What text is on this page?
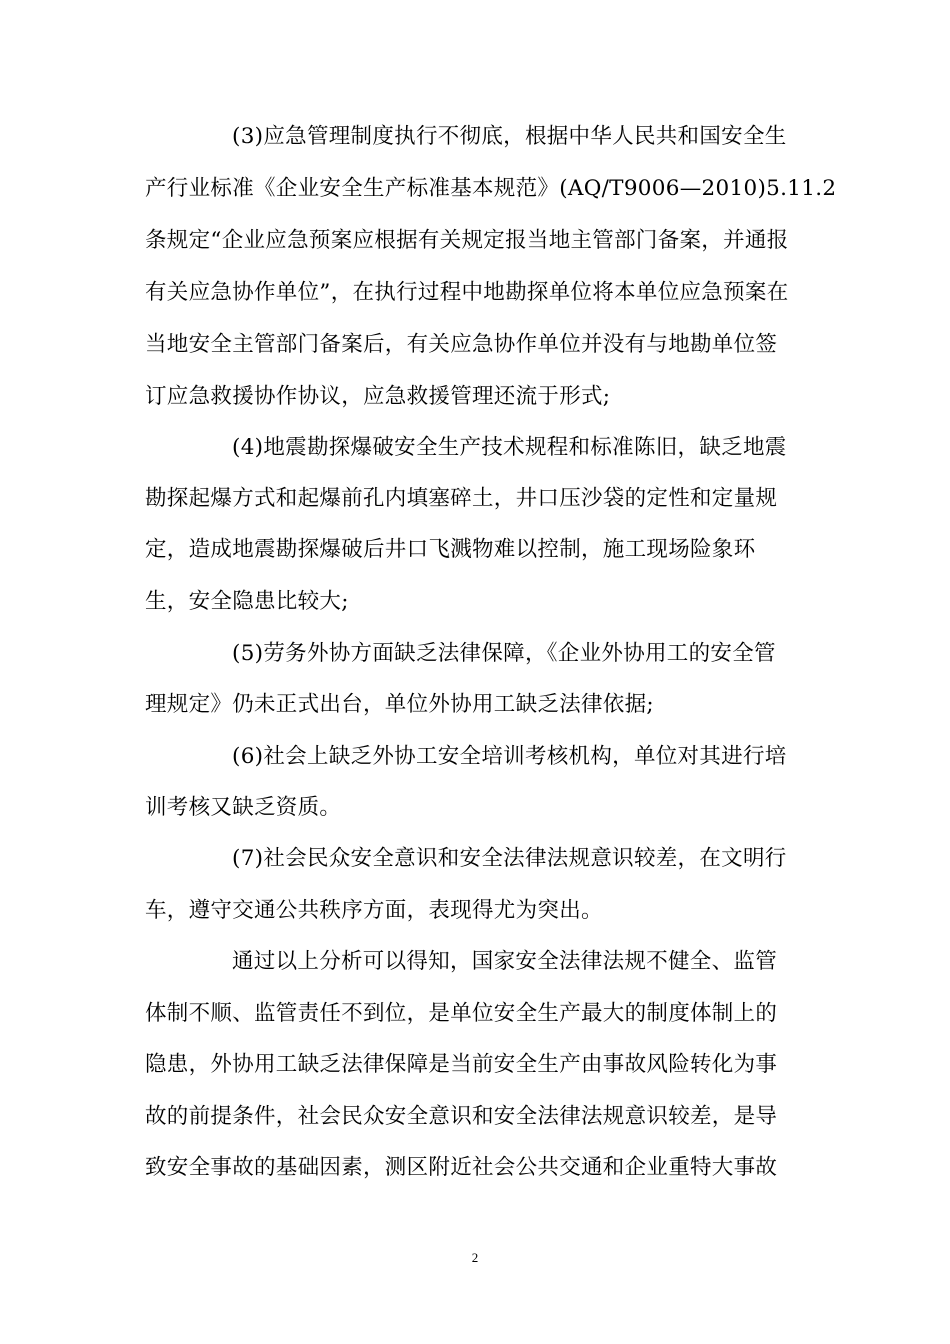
(3)应急管理制度执行不彻底，根据中华人民共和国安全生
产行业标准《企业安全生产标准基本规范》(AQ/T9006—2010)5.11.2
条规定“企业应急预案应根据有关规定报当地主管部门备案，并通报
有关应急协作单位”，在执行过程中地勘探单位将本单位应急预案在
当地安全主管部门备案后，有关应急协作单位并没有与地勘单位签
订应急救援协作协议，应急救援管理还流于形式;
(4)地震勘探爆破安全生产技术规程和标准陈旧，缺乏地震
勘探起爆方式和起爆前孔内填塞碎土，井口压沙袋的定性和定量规
定，造成地震勘探爆破后井口飞溅物难以控制，施工现场险象环
生，安全隐患比较大;
(5)劳务外协方面缺乏法律保障，《企业外协用工的安全管
理规定》仍未正式出台，单位外协用工缺乏法律依据;
(6)社会上缺乏外协工安全培训考核机构，单位对其进行培
训考核又缺乏资质。
(7)社会民众安全意识和安全法律法规意识较差，在文明行
车，遵守交通公共秩序方面，表现得尤为突出。
通过以上分析可以得知，国家安全法律法规不健全、监管
体制不顺、监管责任不到位，是单位安全生产最大的制度体制上的
隐患，外协用工缺乏法律保障是当前安全生产由事故风险转化为事
故的前提条件，社会民众安全意识和安全法律法规意识较差，是导
致安全事故的基础因素，测区附近社会公共交通和企业重特大事故
2
